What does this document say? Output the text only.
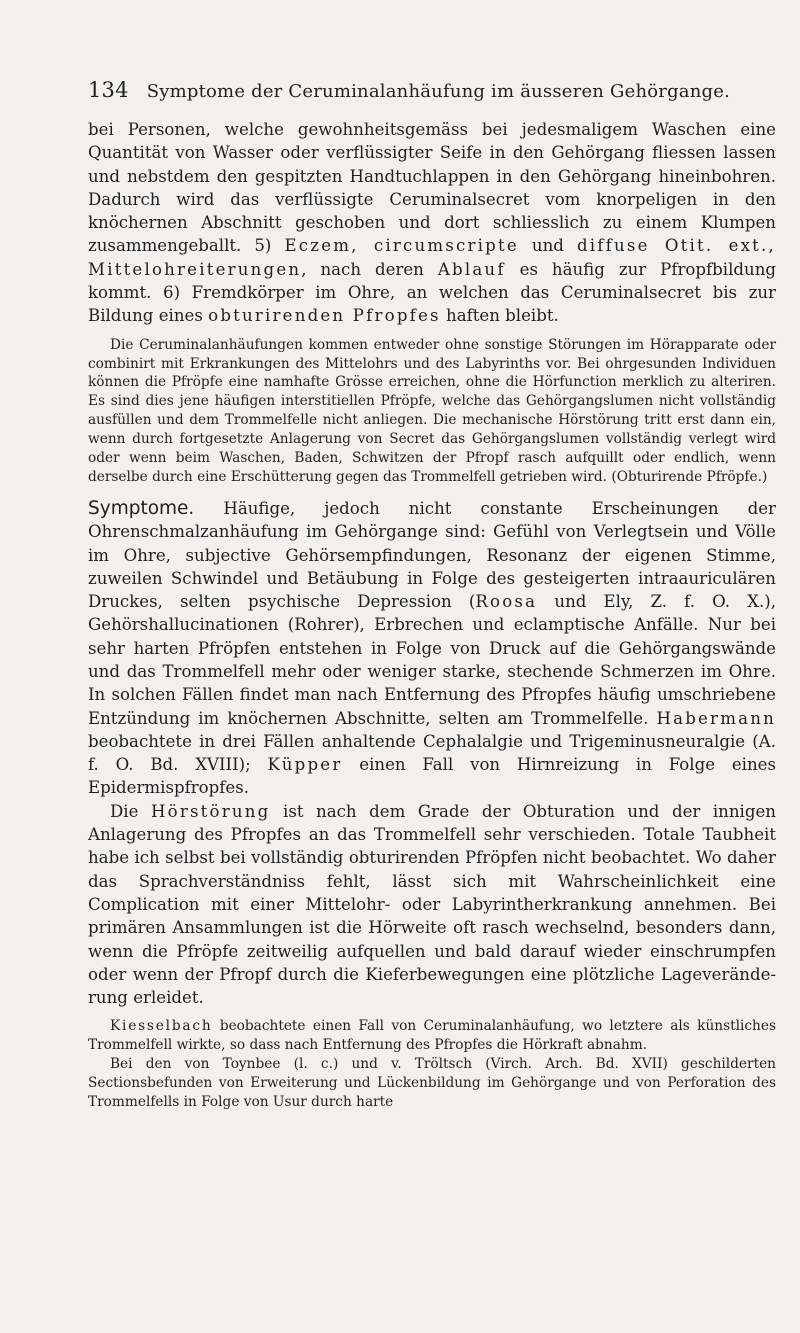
134 Symptome der Ceruminalanhäufung im äusseren Gehörgange.

bei Personen, welche gewohnheitsgemäss bei jedesmaligem Waschen eine Quantität von Wasser oder verflüssigter Seife in den Gehörgang fliessen lassen und nebstdem den gespitzten Handtuchlappen in den Gehörgang hineinbohren. Dadurch wird das verflüssigte Ceruminalsecret vom knorpeligen in den knöchernen Abschnitt geschoben und dort schliesslich zu einem Klumpen zusammengeballt. 5) Eczem, circumscripte und diffuse Otit. ext., Mittelohreiterungen, nach deren Ablauf es häufig zur Pfropfbildung kommt. 6) Fremdkörper im Ohre, an welchen das Ceruminalsecret bis zur Bildung eines obturirenden Pfropfes haften bleibt.

Die Ceruminalanhäufungen kommen entweder ohne sonstige Störungen im Hörapparate oder combinirt mit Erkrankungen des Mittelohrs und des Labyrinths vor. Bei ohrgesunden Individuen können die Pfröpfe eine namhafte Grösse erreichen, ohne die Hörfunction merklich zu alteriren. Es sind dies jene häufigen interstitiellen Pfröpfe, welche das Gehörgangslumen nicht vollständig ausfüllen und dem Trommelfelle nicht anliegen. Die mechanische Hörstörung tritt erst dann ein, wenn durch fortgesetzte Anlagerung von Secret das Gehörgangslumen vollständig verlegt wird oder wenn beim Waschen, Baden, Schwitzen der Pfropf rasch aufquillt oder endlich, wenn derselbe durch eine Erschütterung gegen das Trommelfell getrieben wird. (Obturirende Pfröpfe.)

Symptome. Häufige, jedoch nicht constante Erscheinungen der Ohrenschmalzanhäufung im Gehörgange sind: Gefühl von Verlegtsein und Völle im Ohre, subjective Gehörsempfindungen, Resonanz der eigenen Stimme, zuweilen Schwindel und Betäubung in Folge des gesteigerten intraauriculären Druckes, selten psychische Depression (Roosa und Ely, Z. f. O. X.), Gehörshallucinationen (Rohrer), Erbrechen und eclamptische Anfälle. Nur bei sehr harten Pfröpfen entstehen in Folge von Druck auf die Gehörgangswände und das Trommelfell mehr oder weniger starke, stechende Schmerzen im Ohre. In solchen Fällen findet man nach Entfernung des Pfropfes häufig umschriebene Entzündung im knöchernen Abschnitte, selten am Trommelfelle. Habermann beobachtete in drei Fällen anhaltende Cephalalgie und Trigeminusneuralgie (A. f. O. Bd. XVIII); Küpper einen Fall von Hirnreizung in Folge eines Epidermispfropfes.

Die Hörstörung ist nach dem Grade der Obturation und der innigen Anlagerung des Pfropfes an das Trommelfell sehr verschieden. Totale Taubheit habe ich selbst bei vollständig obturirenden Pfröpfen nicht beobachtet. Wo daher das Sprachverständniss fehlt, lässt sich mit Wahrscheinlichkeit eine Complication mit einer Mittelohr- oder Labyrintherkrankung annehmen. Bei primären Ansammlungen ist die Hörweite oft rasch wechselnd, besonders dann, wenn die Pfröpfe zeitweilig aufquellen und bald darauf wieder einschrumpfen oder wenn der Pfropf durch die Kieferbewegungen eine plötzliche Lageveränderung erleidet.

Kiesselbach beobachtete einen Fall von Ceruminalanhäufung, wo letztere als künstliches Trommelfell wirkte, so dass nach Entfernung des Pfropfes die Hörkraft abnahm.

Bei den von Toynbee (l. c.) und v. Tröltsch (Virch. Arch. Bd. XVII) geschilderten Sectionsbefunden von Erweiterung und Lückenbildung im Gehörgange und von Perforation des Trommelfells in Folge von Usur durch harte
